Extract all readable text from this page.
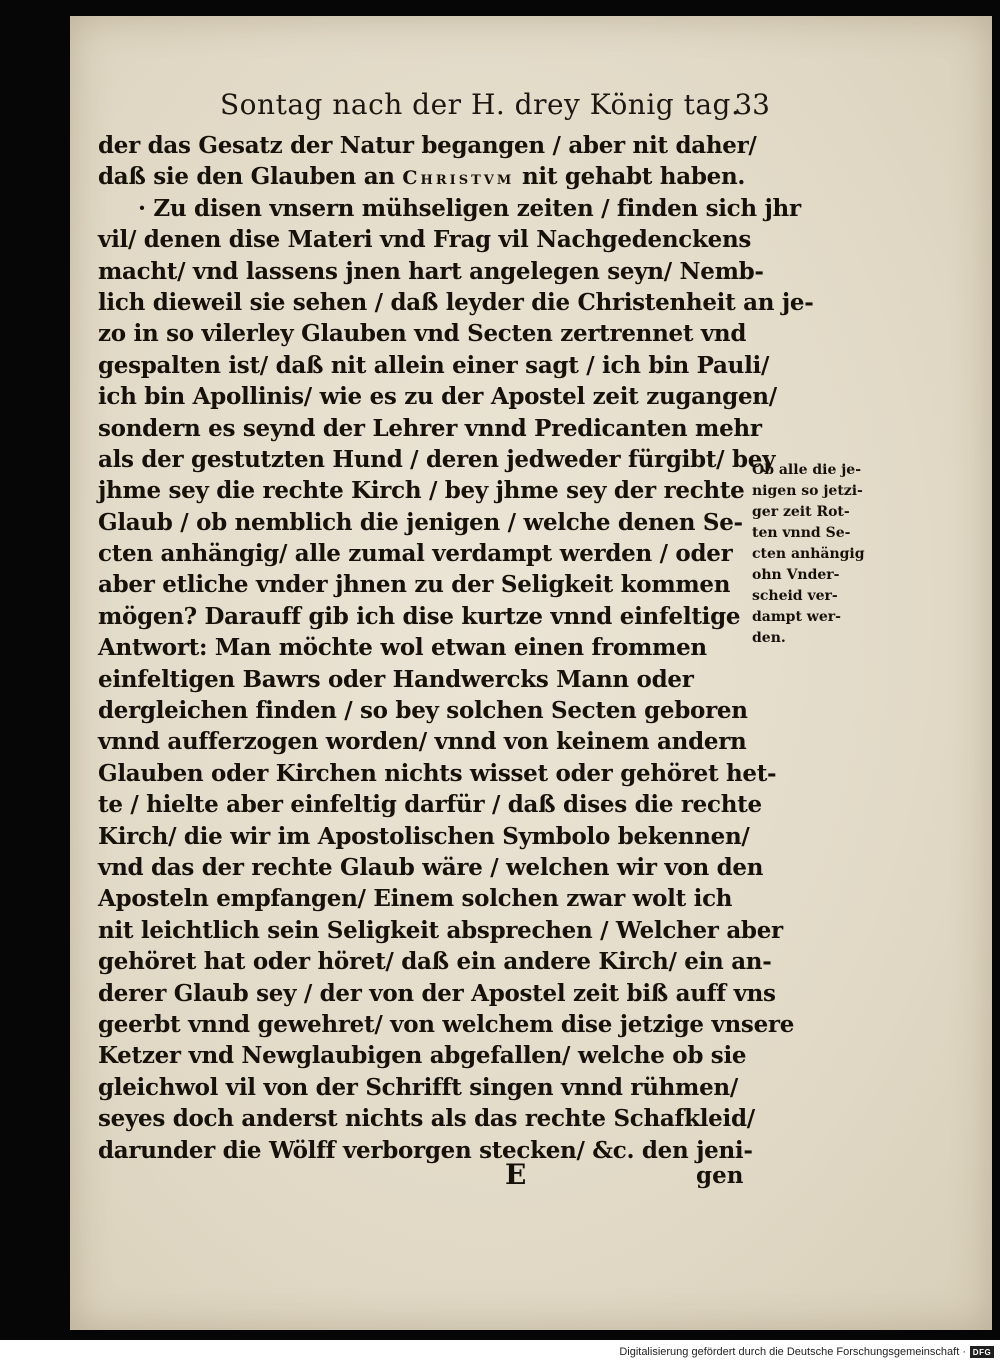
Sontag nach der H. drey König tag.
33
der das Gesatz der Natur begangen / aber nit daher/
daß sie den Glauben an Christvm nit gehabt haben.
· Zu disen vnsern mühseligen zeiten / finden sich jhr
vil/ denen dise Materi vnd Frag vil Nachgedenckens
macht/ vnd lassens jnen hart angelegen seyn/ Nemb-
lich dieweil sie sehen / daß leyder die Christenheit an je-
zo in so vilerley Glauben vnd Secten zertrennet vnd
gespalten ist/ daß nit allein einer sagt / ich bin Pauli/
ich bin Apollinis/ wie es zu der Apostel zeit zugangen/
sondern es seynd der Lehrer vnnd Predicanten mehr
als der gestutzten Hund / deren jedweder fürgibt/ bey
jhme sey die rechte Kirch / bey jhme sey der rechte
Glaub / ob nemblich die jenigen / welche denen Se-
cten anhängig/ alle zumal verdampt werden / oder
aber etliche vnder jhnen zu der Seligkeit kommen
mögen? Darauff gib ich dise kurtze vnnd einfeltige
Antwort: Man möchte wol etwan einen frommen
einfeltigen Bawrs oder Handwercks Mann oder
dergleichen finden / so bey solchen Secten geboren
vnnd aufferzogen worden/ vnnd von keinem andern
Glauben oder Kirchen nichts wisset oder gehöret het-
te / hielte aber einfeltig darfür / daß dises die rechte
Kirch/ die wir im Apostolischen Symbolo bekennen/
vnd das der rechte Glaub wäre / welchen wir von den
Aposteln empfangen/ Einem solchen zwar wolt ich
nit leichtlich sein Seligkeit absprechen / Welcher aber
gehöret hat oder höret/ daß ein andere Kirch/ ein an-
derer Glaub sey / der von der Apostel zeit biß auff vns
geerbt vnnd gewehret/ von welchem dise jetzige vnsere
Ketzer vnd Newglaubigen abgefallen/ welche ob sie
gleichwol vil von der Schrifft singen vnnd rühmen/
seyes doch anderst nichts als das rechte Schafkleid/
darunder die Wölff verborgen stecken/ &c. den jeni-
Ob alle die je-
nigen so jetzi-
ger zeit Rot-
ten vnnd Se-
cten anhängig
ohn Vnder-
scheid ver-
dampt wer-
den.
E	gen
Digitalisierung gefördert durch die Deutsche Forschungsgemeinschaft · DFG
